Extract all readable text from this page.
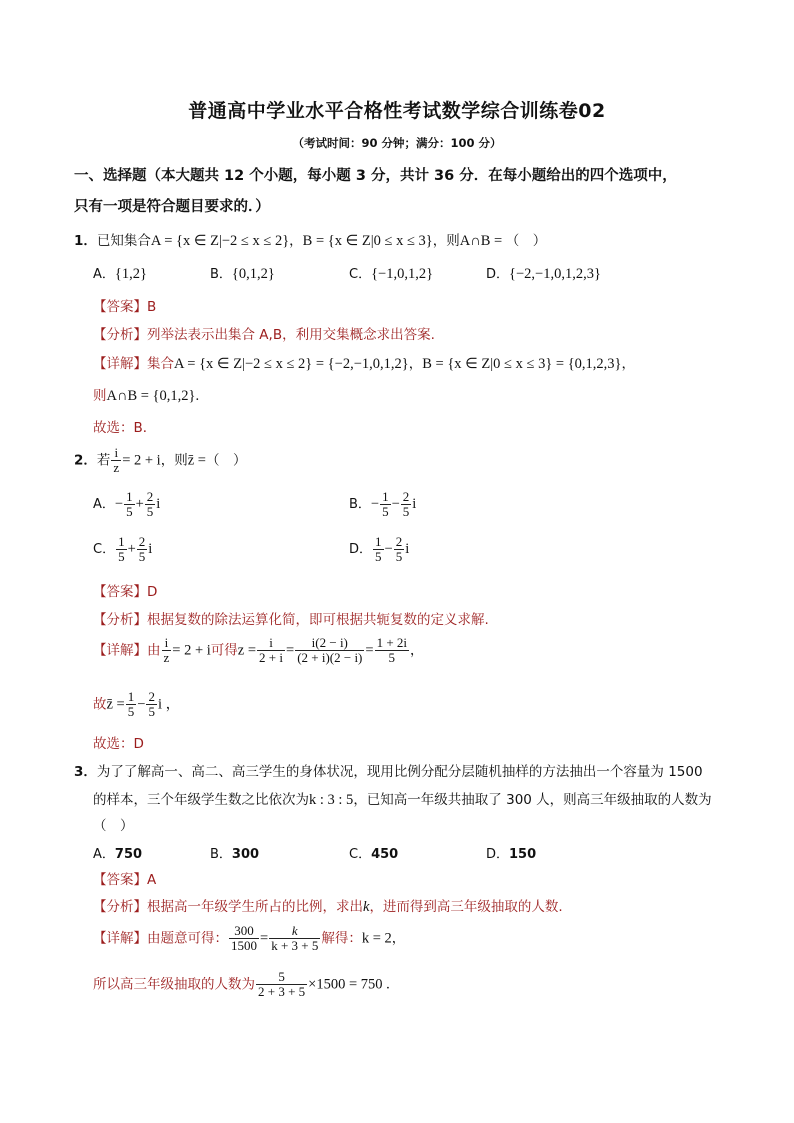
普通高中学业水平合格性考试数学综合训练卷02
（考试时间：90 分钟；满分：100 分）
一、选择题（本大题共 12 个小题，每小题 3 分，共计 36 分．在每小题给出的四个选项中，
只有一项是符合题目要求的．）
1．已知集合A = {x ∈ Z|−2 ≤ x ≤ 2}，B = {x ∈ Z|0 ≤ x ≤ 3}，则A∩B = （　）
A．{1,2}	B．{0,1,2}	C．{−1,0,1,2}	D．{−2,−1,0,1,2,3}
【答案】B
【分析】列举法表示出集合 A,B，利用交集概念求出答案.
【详解】集合A = {x ∈ Z|−2 ≤ x ≤ 2} = {−2,−1,0,1,2}，B = {x ∈ Z|0 ≤ x ≤ 3} = {0,1,2,3}，
则A∩B = {0,1,2}.
故选：B．
2．若 $\frac{i}{z} = 2 + i$，则z̄ =（　）
A．− $\frac{1}{5} + \frac{2}{5}$ i	B．− $\frac{1}{5} - \frac{2}{5}$ i
C． $\frac{1}{5} + \frac{2}{5}$ i	D． $\frac{1}{5} - \frac{2}{5}$ i
【答案】D
【分析】根据复数的除法运算化简，即可根据共轭复数的定义求解.
【详解】由 $\frac{i}{z} = 2 + i$可得$z = \frac{i}{2 + i} = \frac{i(2 - i)}{(2 + i)(2 - i)} = \frac{1 + 2i}{5}$ ，
故z̄ = $\frac{1}{5} - \frac{2}{5}$ i ，
故选：D
3．为了了解高一、高二、高三学生的身体状况，现用比例分配分层随机抽样的方法抽出一个容量为 1500
的样本，三个年级学生数之比依次为k : 3 : 5，已知高一年级共抽取了 300 人，则高三年级抽取的人数为
（　）
A．750	B．300	C．450	D．150
【答案】A
【分析】根据高一年级学生所占的比例，求出k，进而得到高三年级抽取的人数.
【详解】由题意可得： $\frac{300}{1500} = \frac{k}{k + 3 + 5}$ 解得：k = 2，
所以高三年级抽取的人数为 $\frac{5}{2 + 3 + 5} \times 1500 = 750$ .
